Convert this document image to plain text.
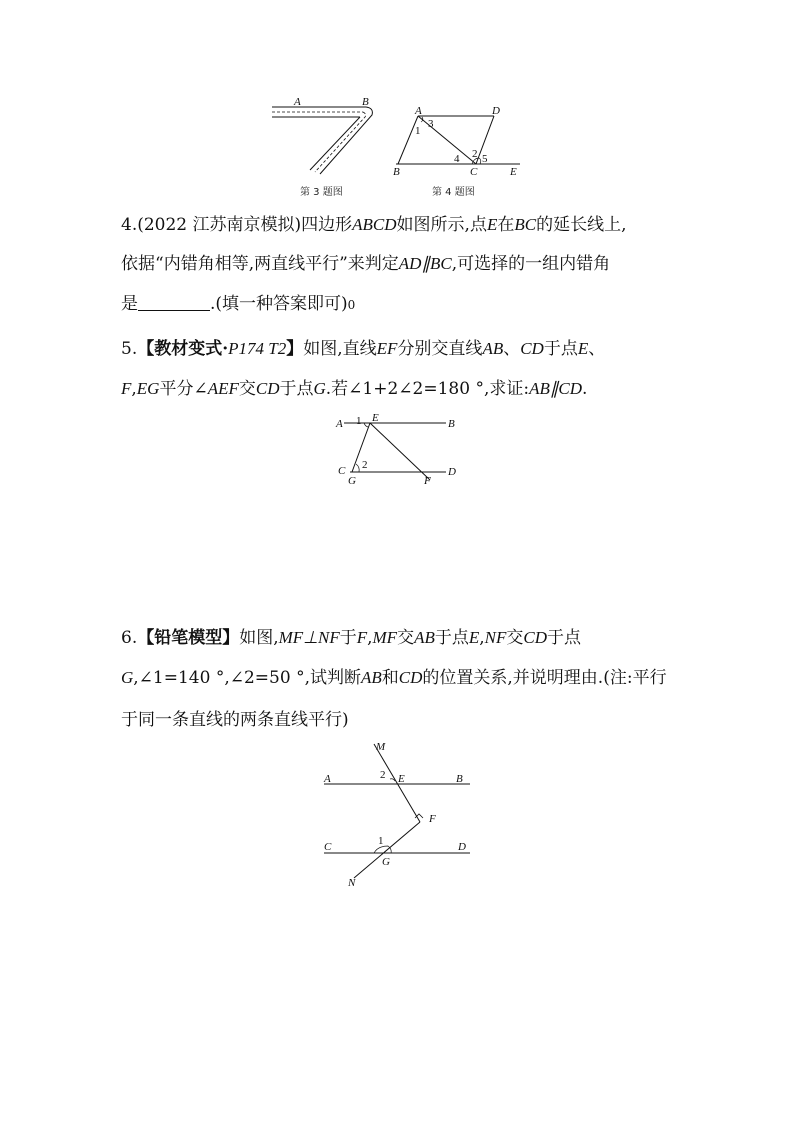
A	B
第 3 题图
A	D
B	C	E
1
2
3
4 5
第 4 题图
4.(2022 江苏南京模拟)四边形ABCD如图所示,点E在BC的延长线上,
依据“内错角相等,两直线平行”来判定AD∥BC,可选择的一组内错角
是	.(填一种答案即可)0
5.【教材变式·P174 T2】如图,直线EF分别交直线AB、CD于点E、
F,EG平分∠AEF交CD于点G.若∠1+2∠2=180 °,求证:AB∥CD.
A	B
E
C	D
G	F
1
2
6.【铅笔模型】如图,MF⊥NF于F,MF交AB于点E,NF交CD于点
G,∠1=140 °,∠2=50 °,试判断AB和CD的位置关系,并说明理由.(注:平行
于同一条直线的两条直线平行)
M
A	B
E
2
F
C	D
1
G
N
